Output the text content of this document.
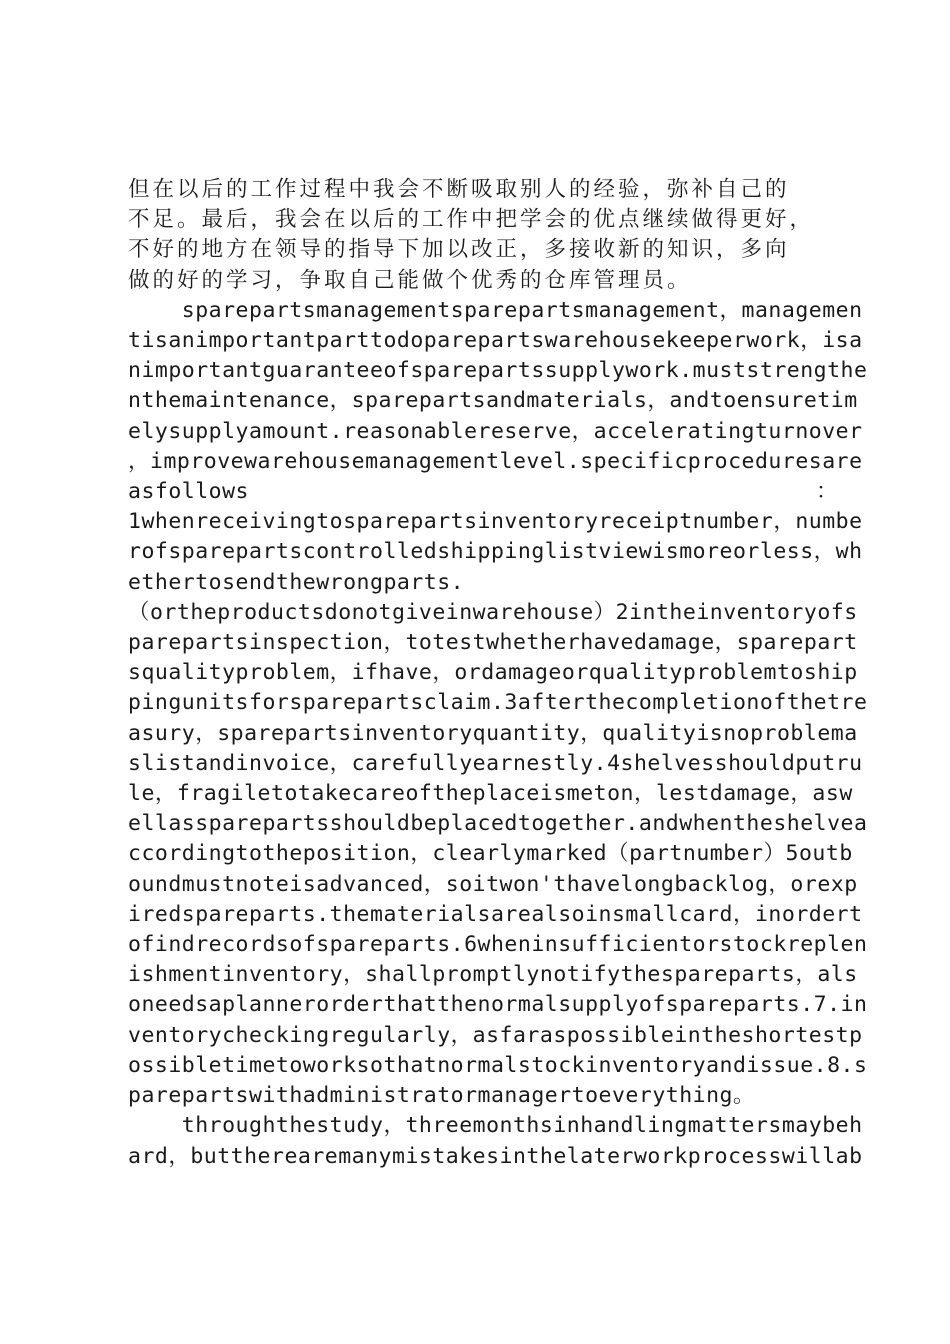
但在以后的工作过程中我会不断吸取别人的经验，弥补自己的
不足。最后，我会在以后的工作中把学会的优点继续做得更好，
不好的地方在领导的指导下加以改正，多接收新的知识，多向
做的好的学习，争取自己能做个优秀的仓库管理员。
sparepartsmanagementsparepartsmanagement，managemen
tisanimportantparttodoparepartswarehousekeeperwork，isa
nimportantguaranteeofsparepartssupplywork.muststrengthe
nthemaintenance，sparepartsandmaterials，andtoensuretim
elysupplyamount.reasonablereserve，acceleratingturnover
，improvewarehousemanagementlevel.specificproceduresare
asfollows	：
1whenreceivingtosparepartsinventoryreceiptnumber，numbe
rofsparepartscontrolledshippinglistviewismoreorless，wh
ethertosendthewrongparts.
（ortheproductsdonotgiveinwarehouse）2intheinventoryofs
parepartsinspection，totestwhetherhavedamage，sparepart
squalityproblem，ifhave，ordamageorqualityproblemtoship
pingunitsforsparepartsclaim.3afterthecompletionofthetre
asury，sparepartsinventoryquantity，qualityisnoproblema
slistandinvoice，carefullyearnestly.4shelvesshouldputru
le，fragiletotakecareoftheplaceismeton，lestdamage，asw
ellassparepartsshouldbeplacedtogether.andwhentheshelvea
ccordingtotheposition，clearlymarked（partnumber）5outb
oundmustnoteisadvanced，soitwon'thavelongbacklog，orexp
iredspareparts.thematerialsarealsoinsmallcard，inordert
ofindrecordsofspareparts.6wheninsufficientorstockreplen
ishmentinventory，shallpromptlynotifythespareparts，als
oneedsaplannerorderthatthenormalsupplyofspareparts.7.in
ventorycheckingregularly，asfaraspossibleintheshortestp
ossibletimetoworksothatnormalstockinventoryandissue.8.s
parepartswithadministratormanagertoeverything。
throughthestudy，threemonthsinhandlingmattersmaybeh
ard，buttherearemanymistakesinthelaterworkprocesswillab
